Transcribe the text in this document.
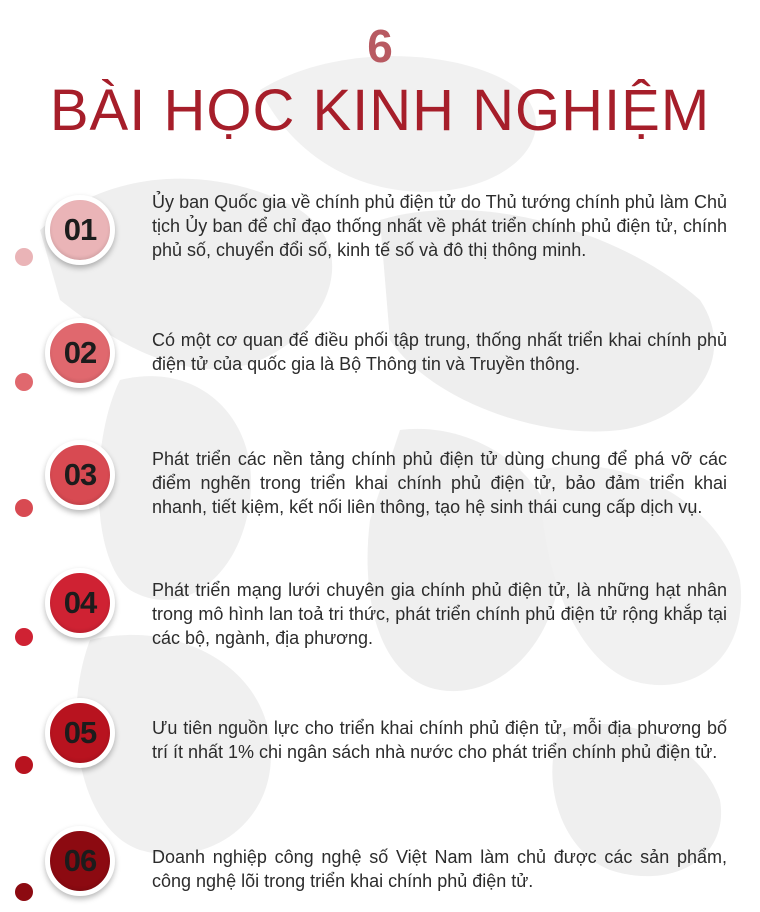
6
BÀI HỌC KINH NGHIỆM
01
Ủy ban Quốc gia về chính phủ điện tử do Thủ tướng chính phủ làm Chủ tịch Ủy ban để chỉ đạo thống nhất về phát triển chính phủ điện tử, chính phủ số, chuyển đổi số, kinh tế số và đô thị thông minh.
02	Có một cơ quan để điều phối tập trung, thống nhất triển khai chính phủ điện tử của quốc gia là Bộ Thông tin và Truyền thông.
03	Phát triển các nền tảng chính phủ điện tử dùng chung để phá vỡ các điểm nghẽn trong triển khai chính phủ điện tử, bảo đảm triển khai nhanh, tiết kiệm, kết nối liên thông, tạo hệ sinh thái cung cấp dịch vụ.
04	Phát triển mạng lưới chuyên gia chính phủ điện tử, là những hạt nhân trong mô hình lan toả tri thức, phát triển chính phủ điện tử rộng khắp tại các bộ, ngành, địa phương.
05	Ưu tiên nguồn lực cho triển khai chính phủ điện tử, mỗi địa phương bố trí ít nhất 1% chi ngân sách nhà nước cho phát triển chính phủ điện tử.
06	Doanh nghiệp công nghệ số Việt Nam làm chủ được các sản phẩm, công nghệ lõi trong triển khai chính phủ điện tử.
